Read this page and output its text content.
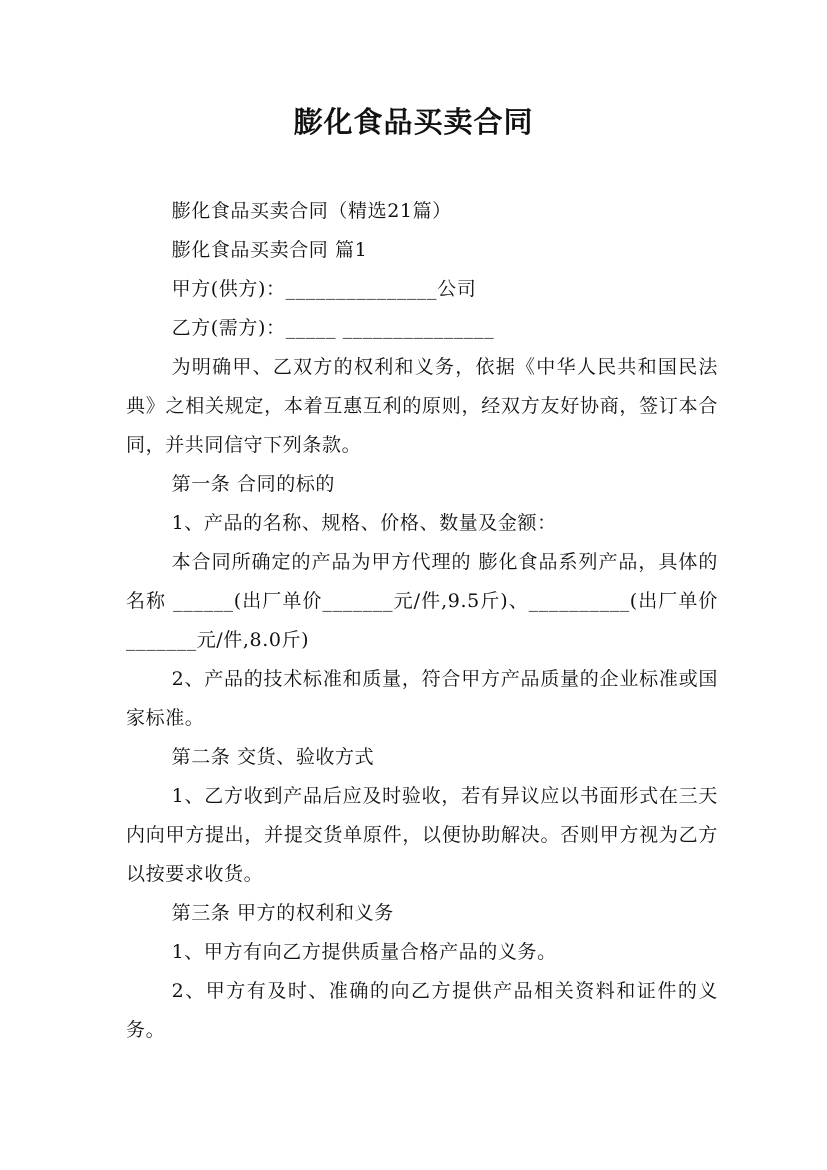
膨化食品买卖合同

膨化食品买卖合同（精选21篇）

膨化食品买卖合同 篇1

甲方(供方)：_______________公司

乙方(需方)：_____ _______________

为明确甲、乙双方的权利和义务，依据《中华人民共和国民法典》之相关规定，本着互惠互利的原则，经双方友好协商，签订本合同，并共同信守下列条款。

第一条 合同的标的

1、产品的名称、规格、价格、数量及金额：

本合同所确定的产品为甲方代理的 膨化食品系列产品，具体的名称 ______(出厂单价_______元/件,9.5斤)、__________(出厂单价_______元/件,8.0斤)

2、产品的技术标准和质量，符合甲方产品质量的企业标准或国家标准。

第二条 交货、验收方式

1、乙方收到产品后应及时验收，若有异议应以书面形式在三天内向甲方提出，并提交货单原件，以便协助解决。否则甲方视为乙方以按要求收货。

第三条 甲方的权利和义务

1、甲方有向乙方提供质量合格产品的义务。

2、甲方有及时、准确的向乙方提供产品相关资料和证件的义务。
